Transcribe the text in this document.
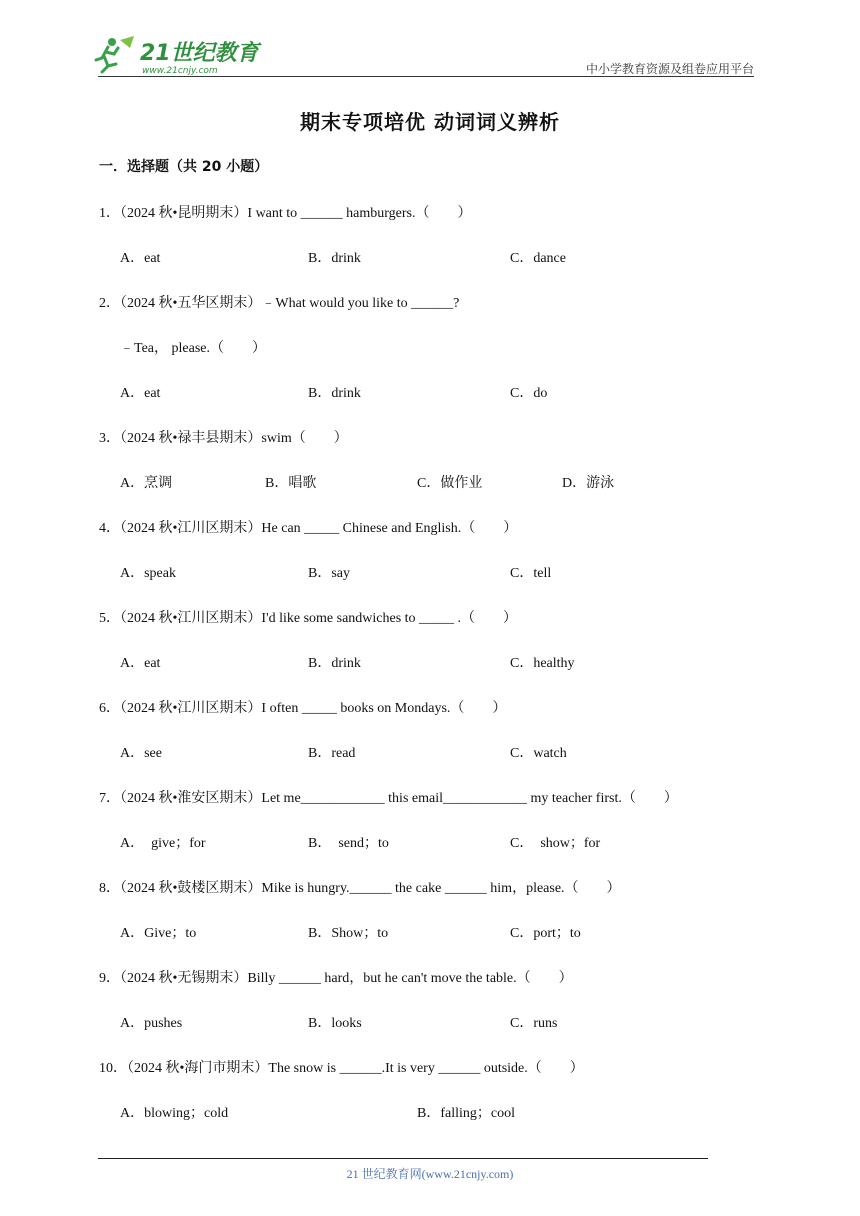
21世纪教育
www.21cnjy.com	中小学教育资源及组卷应用平台
期末专项培优 动词词义辨析
一．选择题（共 20 小题）
1．（2024 秋•昆明期末）I want to ______ hamburgers.（　　）
A．eat	B．drink	C．dance
2．（2024 秋•五华区期末）﹣What would you like to ______?
﹣Tea， please.（　　）
A．eat	B．drink	C．do
3．（2024 秋•禄丰县期末）swim（　　）
A．烹调	B．唱歌	C．做作业	D．游泳
4．（2024 秋•江川区期末）He can _____ Chinese and English.（　　）
A．speak	B．say	C．tell
5．（2024 秋•江川区期末）I'd like some sandwiches to _____ .（　　）
A．eat	B．drink	C．healthy
6．（2024 秋•江川区期末）I often _____ books on Mondays.（　　）
A．see	B．read	C．watch
7．（2024 秋•淮安区期末）Let me____________ this email____________ my teacher first.（　　）
A．　give；for	B．　send；to	C．　show；for
8．（2024 秋•鼓楼区期末）Mike is hungry.______ the cake ______ him，please.（　　）
A．Give；to	B．Show；to	C．port；to
9．（2024 秋•无锡期末）Billy ______ hard，but he can't move the table.（　　）
A．pushes	B．looks	C．runs
10．（2024 秋•海门市期末）The snow is ______.It is very ______ outside.（　　）
A．blowing；cold	B．falling；cool
21 世纪教育网(www.21cnjy.com)
